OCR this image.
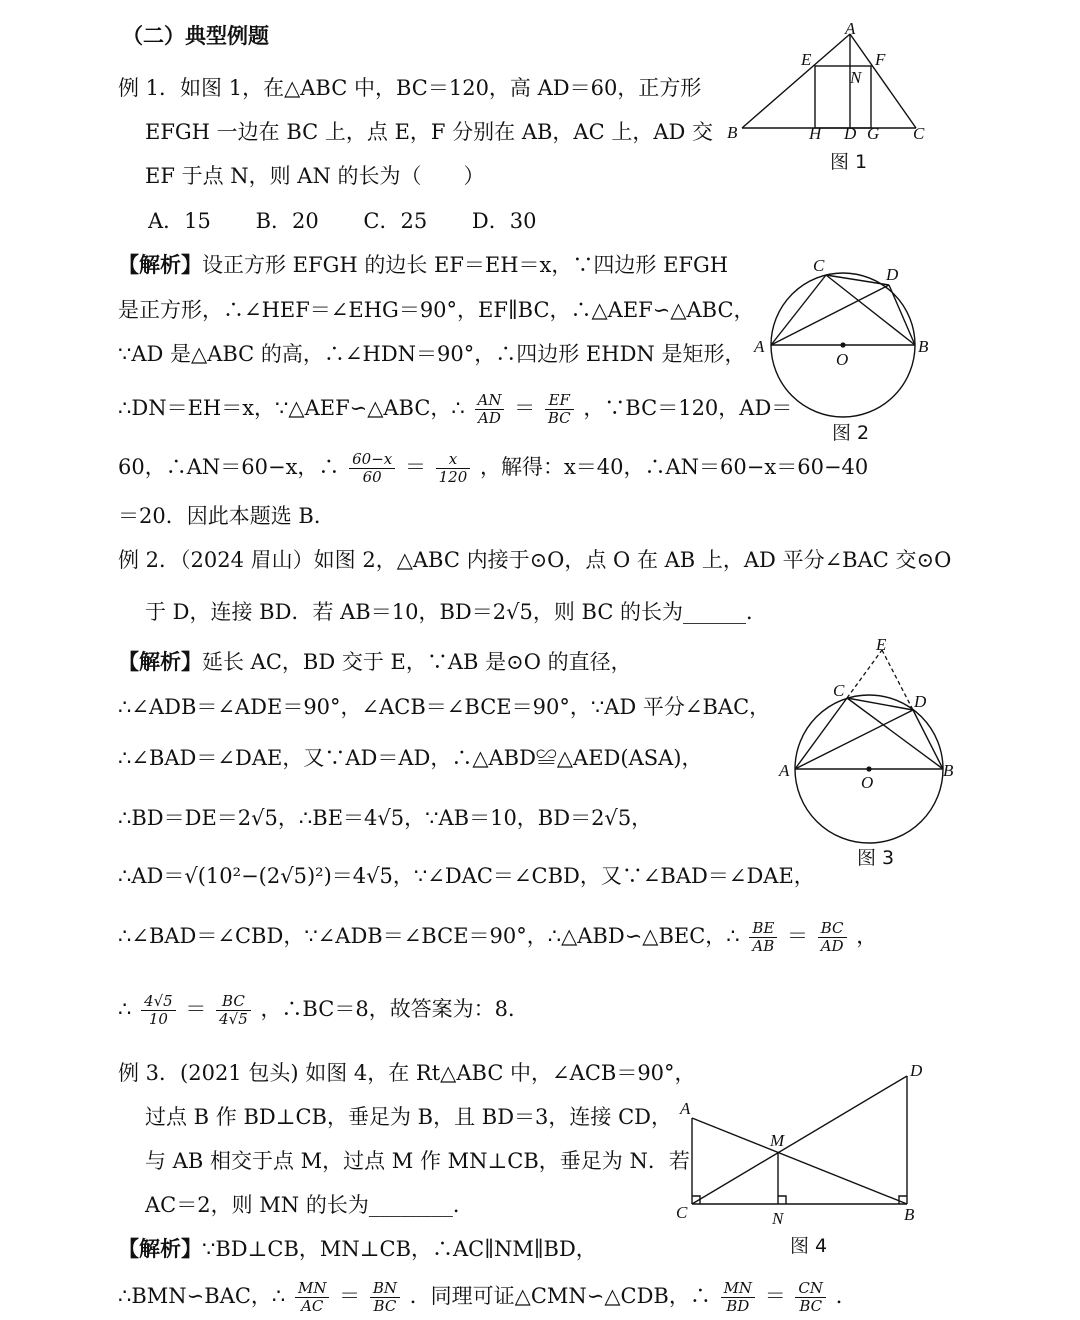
（二）典型例题
例 1．如图 1，在△ABC 中，BC＝120，高 AD＝60，正方形
EFGH 一边在 BC 上，点 E，F 分别在 AB，AC 上，AD 交
EF 于点 N，则 AN 的长为（　　）
A．15 B．20 C．25 D．30
【解析】设正方形 EFGH 的边长 EF＝EH＝x，∵四边形 EFGH
是正方形，∴∠HEF＝∠EHG＝90°，EF∥BC，∴△AEF∽△ABC，
∵AD 是△ABC 的高，∴∠HDN＝90°，∴四边形 EHDN 是矩形，
∴DN＝EH＝x，∵△AEF∽△ABC，∴ $\frac{AN}{AD} = \frac{EF}{BC}$ ，∵BC＝120，AD＝
60，∴AN＝60−x，∴ $\frac{60-x}{60} = \frac{x}{120}$ ，解得：x＝40，∴AN＝60−x＝60−40
＝20．因此本题选 B．
例 2．（2024 眉山）如图 2，△ABC 内接于⊙O，点 O 在 AB 上，AD 平分∠BAC 交⊙O
于 D，连接 BD．若 AB＝10，BD＝2√5，则 BC 的长为______．
【解析】延长 AC，BD 交于 E，∵AB 是⊙O 的直径，
∴∠ADB＝∠ADE＝90°，∠ACB＝∠BCE＝90°，∵AD 平分∠BAC，
∴∠BAD＝∠DAE，又∵AD＝AD，∴△ABD≌△AED(ASA)，
∴BD＝DE＝2√5，∴BE＝4√5，∵AB＝10，BD＝2√5，
∴AD＝√(10²−(2√5)²)＝4√5，∵∠DAC＝∠CBD，又∵∠BAD＝∠DAE，
∴∠BAD＝∠CBD，∵∠ADB＝∠BCE＝90°，∴△ABD∽△BEC，∴ $\frac{BE}{AB} = \frac{BC}{AD}$ ，
∴ $\frac{4√5}{10} = \frac{BC}{4√5}$ ，∴BC＝8，故答案为：8．
例 3．(2021 包头) 如图 4，在 Rt△ABC 中，∠ACB＝90°，
过点 B 作 BD⊥CB，垂足为 B，且 BD＝3，连接 CD，
与 AB 相交于点 M，过点 M 作 MN⊥CB，垂足为 N．若
AC＝2，则 MN 的长为________．
【解析】∵BD⊥CB，MN⊥CB，∴AC∥NM∥BD，
∴BMN∽BAC，∴ $\frac{MN}{AC} = \frac{BN}{BC}$ ．同理可证△CMN∽△CDB，∴ $\frac{MN}{BD} = \frac{CN}{BC}$ ．
A
E	F
N
B	H D G C
图 1
C	D
A
O
B
图 2
E
C
D
A
O
B
图 3
D
A
M
C	N	B
图 4
